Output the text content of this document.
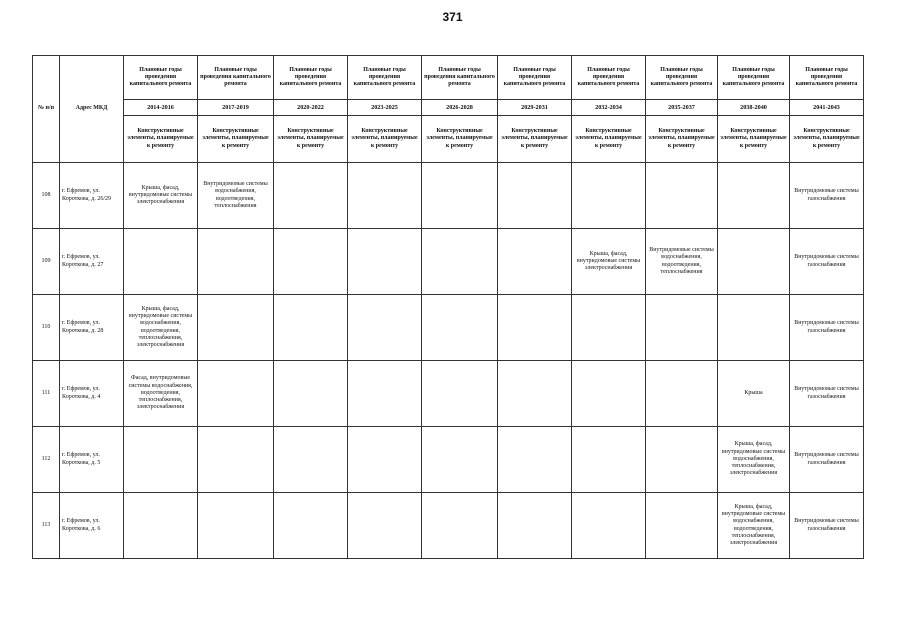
371
№ п/п	Адрес МКД	Плановые годы проведения капитального ремонта	Плановые годы проведения капитального ремонта	Плановые годы проведения капитального ремонта	Плановые годы проведения капитального ремонта	Плановые годы проведения капитального ремонта	Плановые годы проведения капитального ремонта	Плановые годы проведения капитального ремонта	Плановые годы проведения капитального ремонта	Плановые годы проведения капитального ремонта	Плановые годы проведения капитального ремонта
		2014-2016	2017-2019	2020-2022	2023-2025	2026-2028	2029-2031	2032-2034	2035-2037	2038-2040	2041-2043
		Конструктивные элементы, планируемые к ремонту	Конструктивные элементы, планируемые к ремонту	Конструктивные элементы, планируемые к ремонту	Конструктивные элементы, планируемые к ремонту	Конструктивные элементы, планируемые к ремонту	Конструктивные элементы, планируемые к ремонту	Конструктивные элементы, планируемые к ремонту	Конструктивные элементы, планируемые к ремонту	Конструктивные элементы, планируемые к ремонту	Конструктивные элементы, планируемые к ремонту
108	г. Ефремов, ул. Короткова, д. 26/29	Крыша, фасад, внутридомовые системы электроснабжения	Внутридомовые системы водоснабжения, водоотведения, теплоснабжения								Внутридомовые системы газоснабжения
109	г. Ефремов, ул. Короткова, д. 27							Крыша, фасад, внутридомовые системы электроснабжения	Внутридомовые системы водоснабжения, водоотведения, теплоснабжения		Внутридомовые системы газоснабжения
110	г. Ефремов, ул. Короткова, д. 28	Крыша, фасад, внутридомовые системы водоснабжения, водоотведения, теплоснабжения, электроснабжения									Внутридомовые системы газоснабжения
111	г. Ефремов, ул. Короткова, д. 4	Фасад, внутридомовые системы водоснабжения, водоотведения, теплоснабжения, электроснабжения								Крыша	Внутридомовые системы газоснабжения
112	г. Ефремов, ул. Короткова, д. 5									Крыша, фасад, внутридомовые системы водоснабжения, теплоснабжения, электроснабжения	Внутридомовые системы газоснабжения
113	г. Ефремов, ул. Короткова, д. 6									Крыша, фасад, внутридомовые системы водоснабжения, водоотведения, теплоснабжения, электроснабжения	Внутридомовые системы газоснабжения
